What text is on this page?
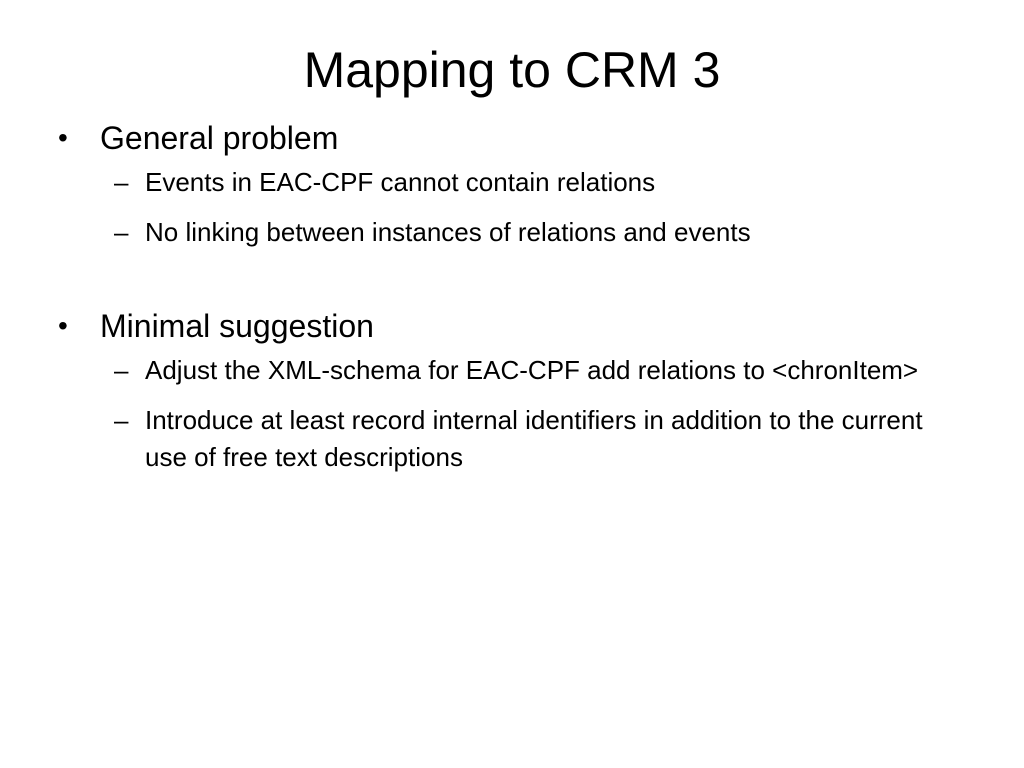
Mapping to CRM 3
•	General problem
– Events in EAC-CPF cannot contain relations
– No linking between instances of relations and events
•	Minimal suggestion
– Adjust the XML-schema for EAC-CPF add relations to <chronItem>
– Introduce at least record internal identifiers in addition to the current use of free text descriptions
